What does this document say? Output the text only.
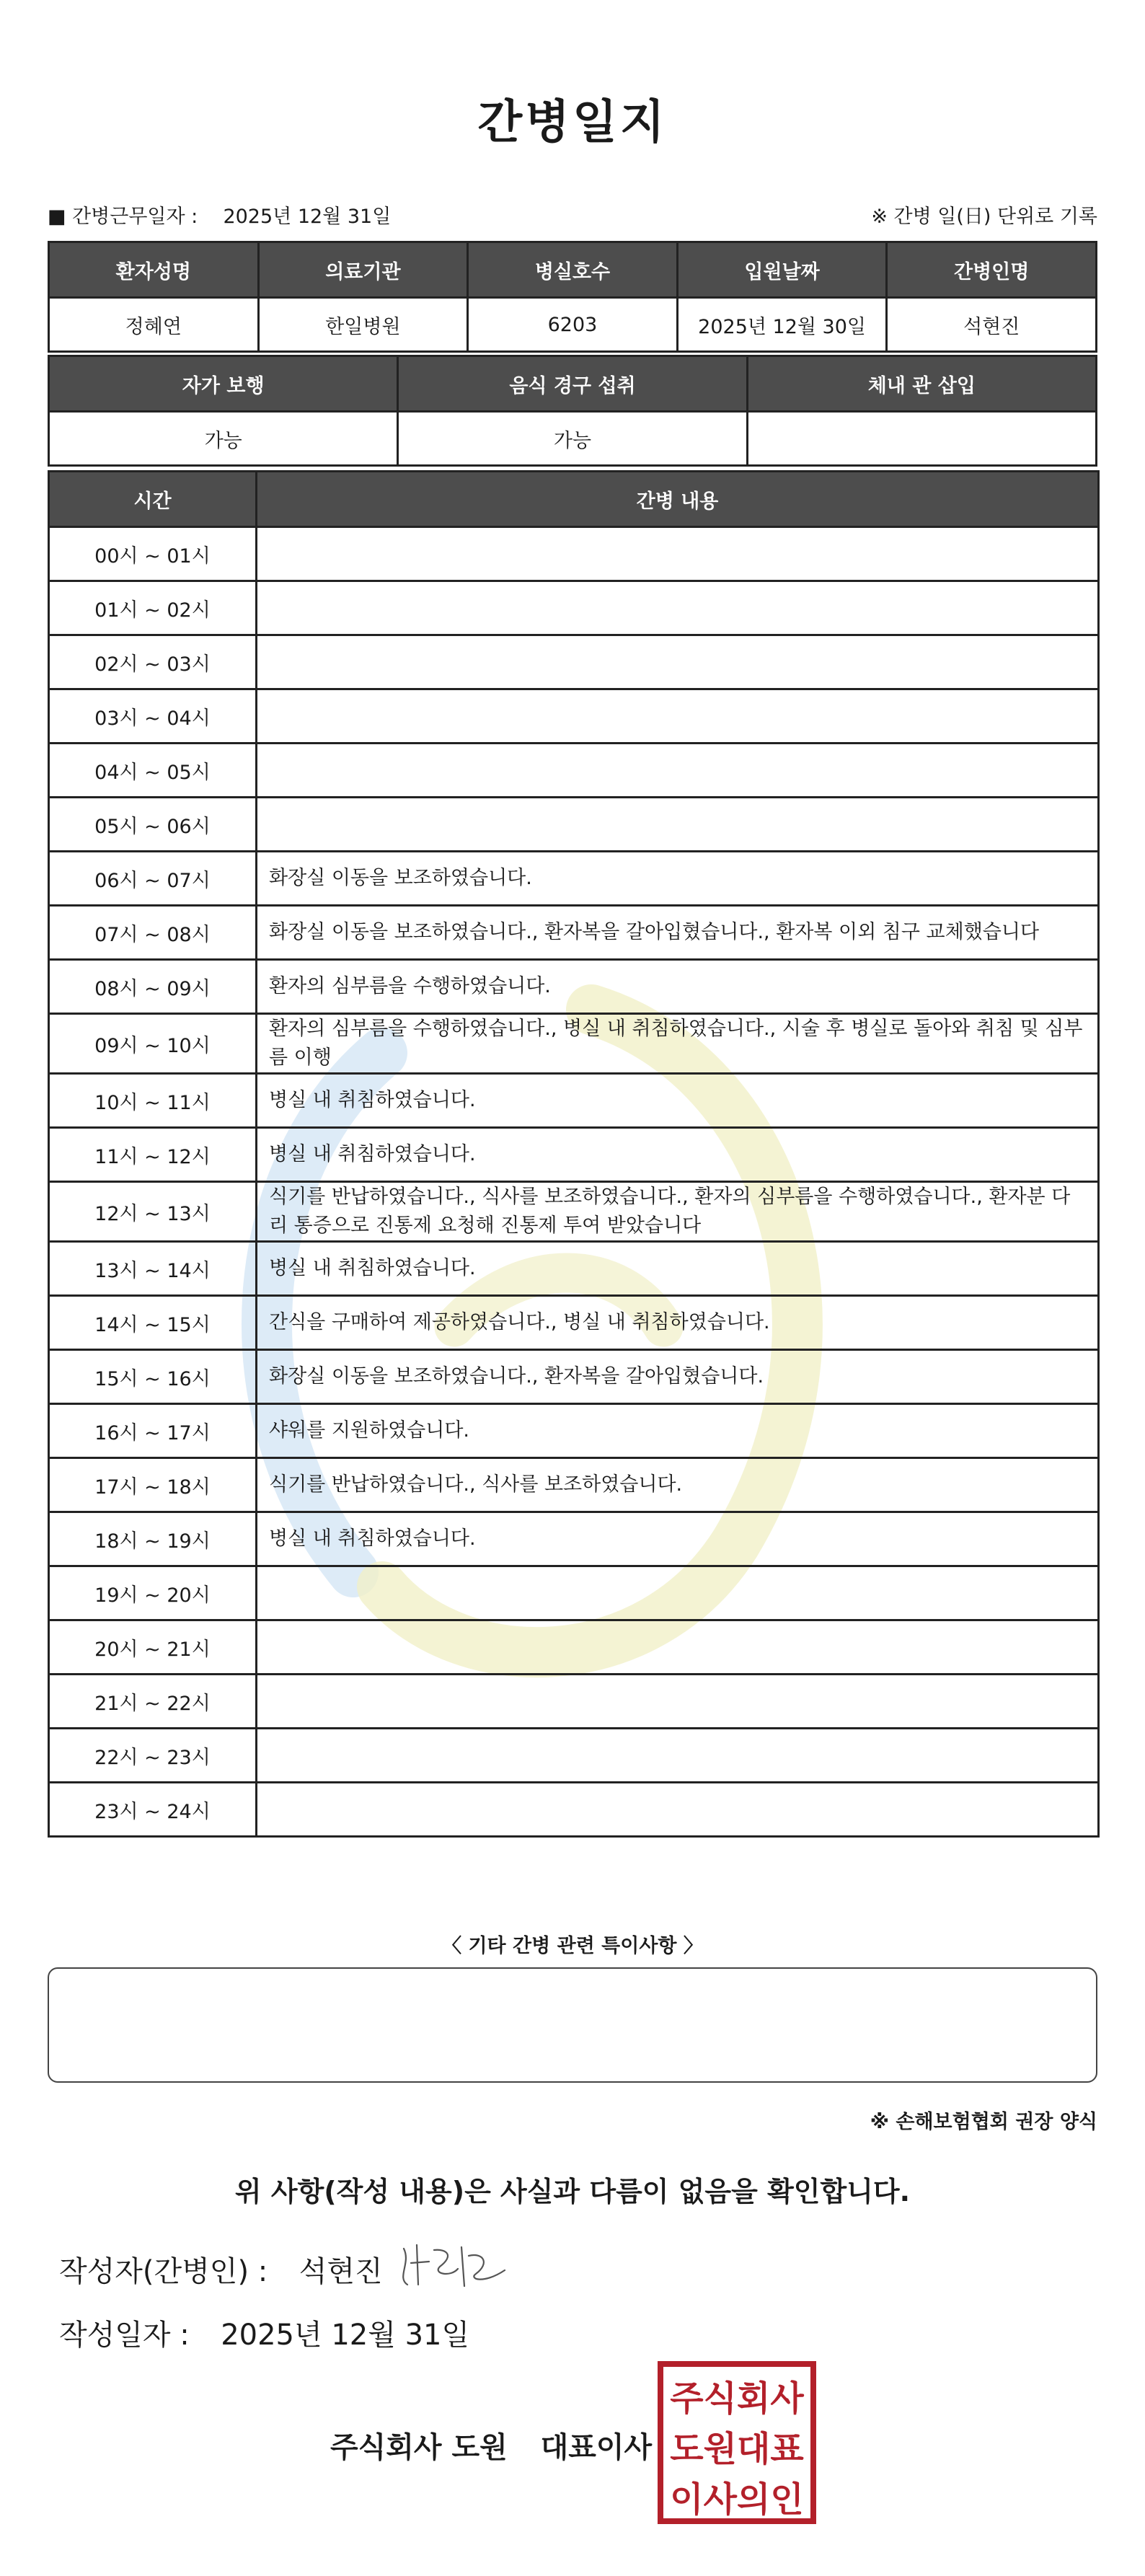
간병일지
■ 간병근무일자 : 2025년 12월 31일	※ 간병 일(日) 단위로 기록
환자성명	의료기관	병실호수	입원날짜	간병인명
정혜연	한일병원	6203	2025년 12월 30일	석현진
자가 보행	음식 경구 섭취	체내 관 삽입
가능	가능	
시간	간병 내용
00시 ~ 01시	
01시 ~ 02시	
02시 ~ 03시	
03시 ~ 04시	
04시 ~ 05시	
05시 ~ 06시	
06시 ~ 07시	화장실 이동을 보조하였습니다.
07시 ~ 08시	화장실 이동을 보조하였습니다., 환자복을 갈아입혔습니다., 환자복 이외 침구 교체했습니다
08시 ~ 09시	환자의 심부름을 수행하였습니다.
09시 ~ 10시	환자의 심부름을 수행하였습니다., 병실 내 취침하였습니다., 시술 후 병실로 돌아와 취침 및 심부름 이행
10시 ~ 11시	병실 내 취침하였습니다.
11시 ~ 12시	병실 내 취침하였습니다.
12시 ~ 13시	식기를 반납하였습니다., 식사를 보조하였습니다., 환자의 심부름을 수행하였습니다., 환자분 다리 통증으로 진통제 요청해 진통제 투여 받았습니다
13시 ~ 14시	병실 내 취침하였습니다.
14시 ~ 15시	간식을 구매하여 제공하였습니다., 병실 내 취침하였습니다.
15시 ~ 16시	화장실 이동을 보조하였습니다., 환자복을 갈아입혔습니다.
16시 ~ 17시	샤워를 지원하였습니다.
17시 ~ 18시	식기를 반납하였습니다., 식사를 보조하였습니다.
18시 ~ 19시	병실 내 취침하였습니다.
19시 ~ 20시	
20시 ~ 21시	
21시 ~ 22시	
22시 ~ 23시	
23시 ~ 24시	
〈 기타 간병 관련 특이사항 〉
※ 손해보험협회 권장 양식
위 사항(작성 내용)은 사실과 다름이 없음을 확인합니다.
작성자(간병인) : 석현진
작성일자 : 2025년 12월 31일
주식회사 도원 대표이사
주식회사
도원대표
이사의인
